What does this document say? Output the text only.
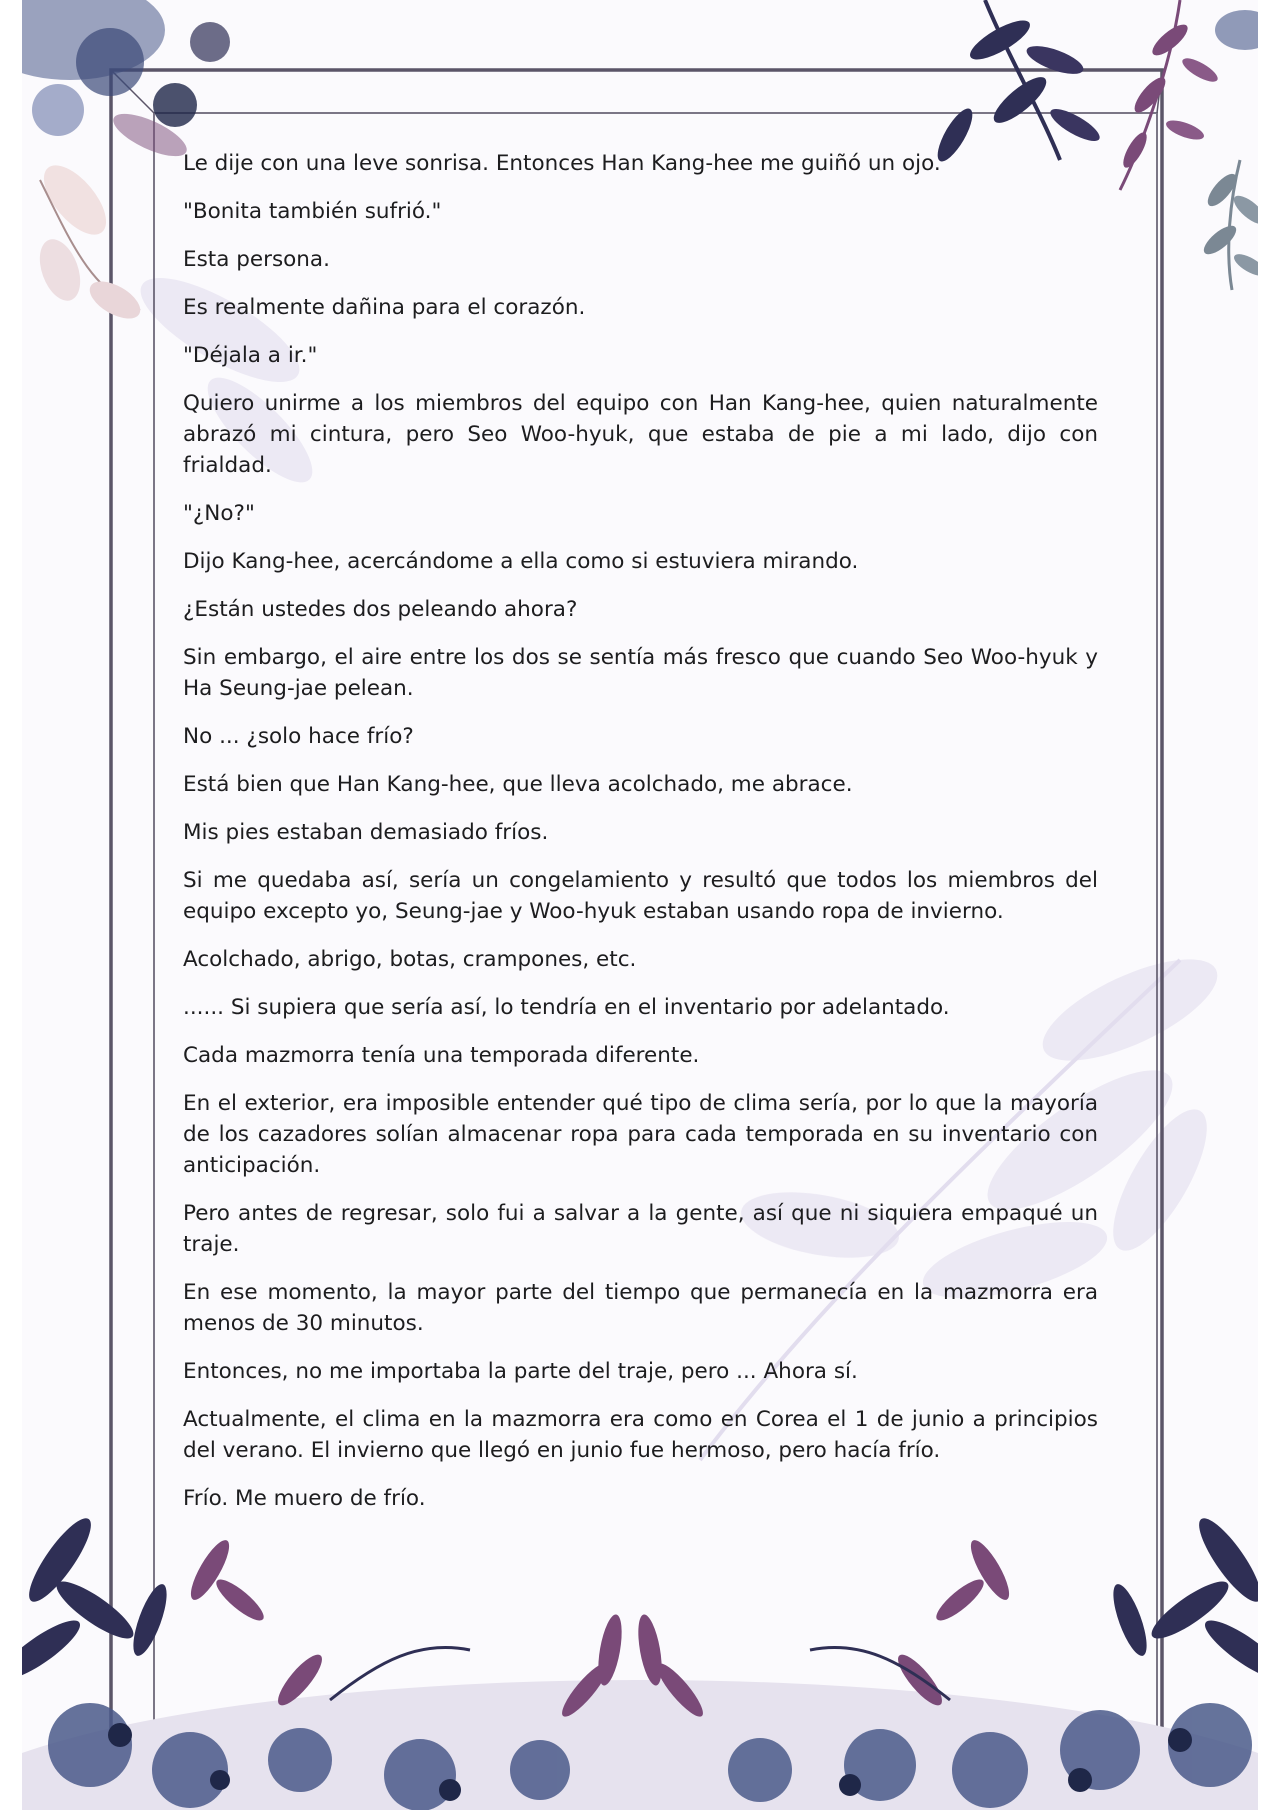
Le dije con una leve sonrisa. Entonces Han Kang-hee me guiñó un ojo.

"Bonita también sufrió."

Esta persona.

Es realmente dañina para el corazón.

"Déjala a ir."

Quiero unirme a los miembros del equipo con Han Kang-hee, quien naturalmente abrazó mi cintura, pero Seo Woo-hyuk, que estaba de pie a mi lado, dijo con frialdad.

"¿No?"

Dijo Kang-hee, acercándome a ella como si estuviera mirando.

¿Están ustedes dos peleando ahora?

Sin embargo, el aire entre los dos se sentía más fresco que cuando Seo Woo-hyuk y Ha Seung-jae pelean.

No ... ¿solo hace frío?

Está bien que Han Kang-hee, que lleva acolchado, me abrace.

Mis pies estaban demasiado fríos.

Si me quedaba así, sería un congelamiento y resultó que todos los miembros del equipo excepto yo, Seung-jae y Woo-hyuk estaban usando ropa de invierno.

Acolchado, abrigo, botas, crampones, etc.

...... Si supiera que sería así, lo tendría en el inventario por adelantado.

Cada mazmorra tenía una temporada diferente.

En el exterior, era imposible entender qué tipo de clima sería, por lo que la mayoría de los cazadores solían almacenar ropa para cada temporada en su inventario con anticipación.

Pero antes de regresar, solo fui a salvar a la gente, así que ni siquiera empaqué un traje.

En ese momento, la mayor parte del tiempo que permanecía en la mazmorra era menos de 30 minutos.

Entonces, no me importaba la parte del traje, pero ... Ahora sí.

Actualmente, el clima en la mazmorra era como en Corea el 1 de junio a principios del verano. El invierno que llegó en junio fue hermoso, pero hacía frío.

Frío. Me muero de frío.
